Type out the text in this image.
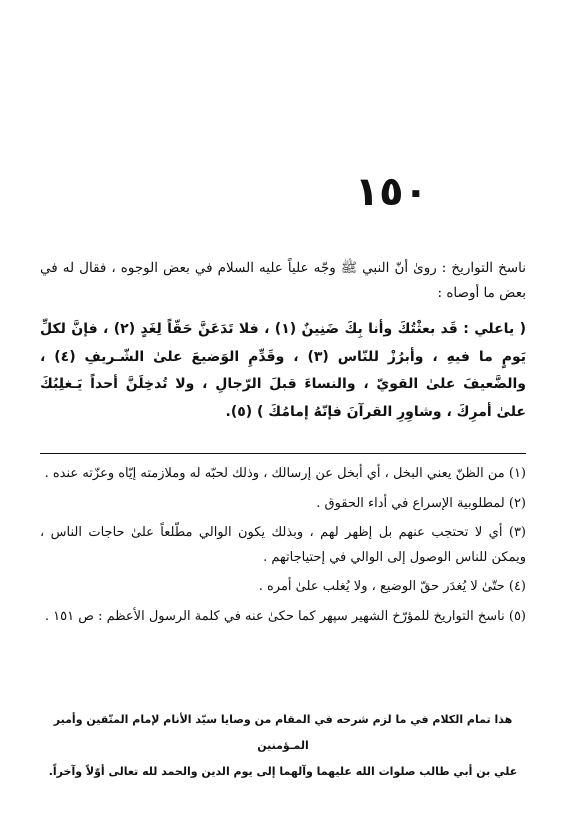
١٥٠
ناسخ التواريخ : روىٰ أنّ النبي ﷺ وجّه علياً عليه السلام في بعض الوجوه ، فقال له في بعض ما أوصاه :
( ياعلي : قَد بعثْتُكَ وأنا بِكَ ضَنِينٌ (١) ، فلا تَدَعَنَّ حَقّاً لِغَدٍ (٢) ، فإنَّ لكلِّ يَومٍ ما فيهِ ، وأبرُزْ للنّاس (٣) ، وقَدِّمِ الوَضيعَ علىٰ الشّـريفِ (٤) ، والضَّعيفَ علىٰ القويّ ، والنساءَ قبلَ الرّجالِ ، ولا تُدخِلَنَّ أحداً يَـغلِبُكَ علىٰ أمرِكَ ، وشاوِرِ القرآنَ فإنّهُ إمامُكَ ) (٥).

(١) من الظنّ يعني البخل ، أي أبخل عن إرسالك ، وذلك لحبّه له وملازمته إيّاه وعزّته عنده .

(٢) لمطلوبية الإسراع في أداء الحقوق .

(٣) أي لا تحتجب عنهم بل إظهر لهم ، وبذلك يكون الوالي مطّلعاً علىٰ حاجات الناس ، ويمكن للناس الوصول إلى الوالي في إحتياجاتهم .

(٤) حتّىٰ لا يُغدَر حقّ الوضيع ، ولا يُغلب علىٰ أمره .

(٥) ناسخ التواريخ للمؤرّخ الشهير سپهر كما حكىٰ عنه في كلمة الرسول الأعظم : ص ١٥١ .

هذا تمام الكلام في ما لزم شرحه في المقام من وصايا سيّد الأنام لإمام المتّقين وأمير المـؤمنين
علي بن أبي طالب صلوات الله عليهما وآلهما إلى يوم الدين والحمد لله تعالى أوّلاً وآخراً.
